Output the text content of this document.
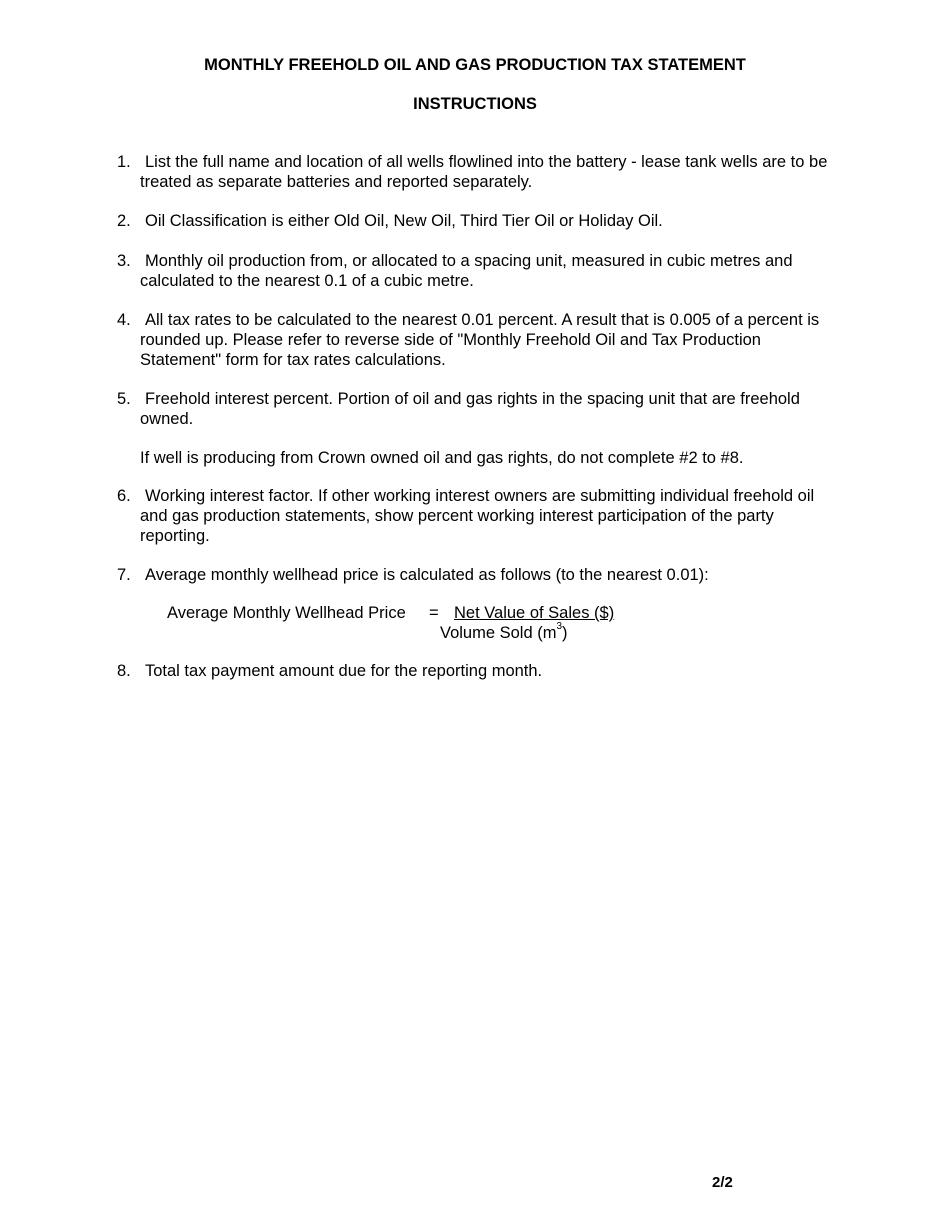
MONTHLY FREEHOLD OIL AND GAS PRODUCTION TAX STATEMENT
INSTRUCTIONS
1. List the full name and location of all wells flowlined into the battery - lease tank wells are to be treated as separate batteries and reported separately.
2. Oil Classification is either Old Oil, New Oil, Third Tier Oil or Holiday Oil.
3. Monthly oil production from, or allocated to a spacing unit, measured in cubic metres and calculated to the nearest 0.1 of a cubic metre.
4. All tax rates to be calculated to the nearest 0.01 percent. A result that is 0.005 of a percent is rounded up. Please refer to reverse side of "Monthly Freehold Oil and Tax Production Statement" form for tax rates calculations.
5. Freehold interest percent. Portion of oil and gas rights in the spacing unit that are freehold owned.
If well is producing from Crown owned oil and gas rights, do not complete #2 to #8.
6. Working interest factor. If other working interest owners are submitting individual freehold oil and gas production statements, show percent working interest participation of the party reporting.
7. Average monthly wellhead price is calculated as follows (to the nearest 0.01):
Average Monthly Wellhead Price = Net Value of Sales ($)
Volume Sold $(m^3)$
8. Total tax payment amount due for the reporting month.
2/2
